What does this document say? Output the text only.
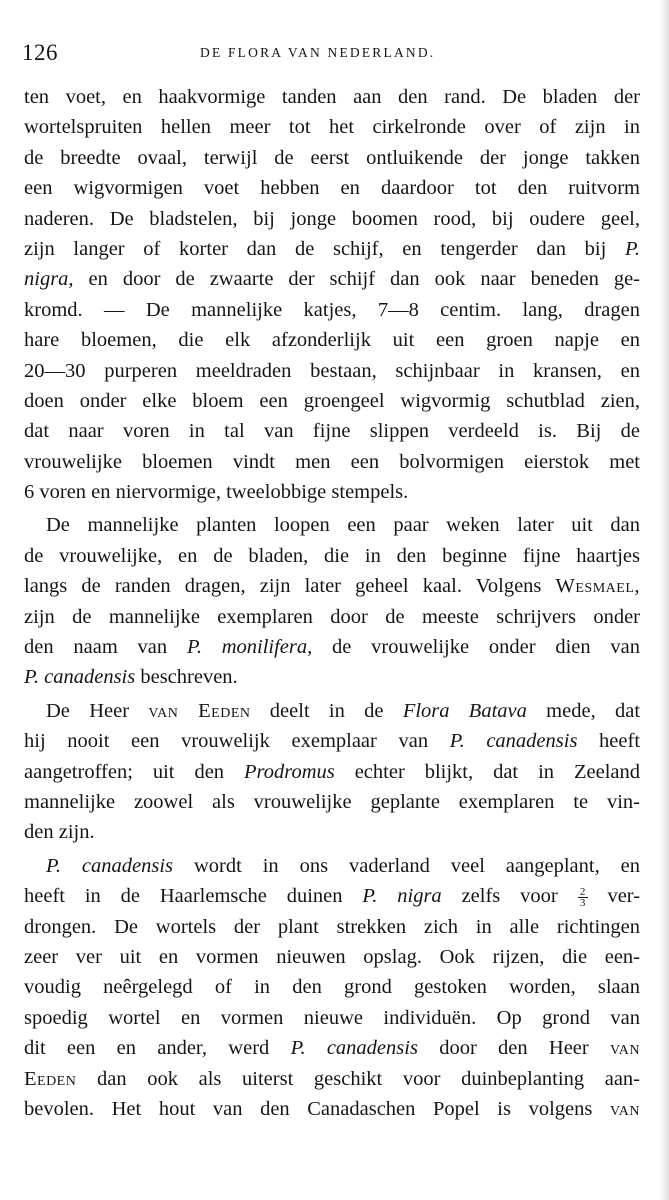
126	DE FLORA VAN NEDERLAND.
ten voet, en haakvormige tanden aan den rand. De bladen der
wortelspruiten hellen meer tot het cirkelronde over of zijn in
de breedte ovaal, terwijl de eerst ontluikende der jonge takken
een wigvormigen voet hebben en daardoor tot den ruitvorm
naderen. De bladstelen, bij jonge boomen rood, bij oudere geel,
zijn langer of korter dan de schijf, en tengerder dan bij P.
nigra, en door de zwaarte der schijf dan ook naar beneden ge-
kromd. — De mannelijke katjes, 7—8 centim. lang, dragen
hare bloemen, die elk afzonderlijk uit een groen napje en
20—30 purperen meeldraden bestaan, schijnbaar in kransen, en
doen onder elke bloem een groengeel wigvormig schutblad zien,
dat naar voren in tal van fijne slippen verdeeld is. Bij de
vrouwelijke bloemen vindt men een bolvormigen eierstok met
6 voren en niervormige, tweelobbige stempels.
De mannelijke planten loopen een paar weken later uit dan
de vrouwelijke, en de bladen, die in den beginne fijne haartjes
langs de randen dragen, zijn later geheel kaal. Volgens Wesmael,
zijn de mannelijke exemplaren door de meeste schrijvers onder
den naam van P. monilifera, de vrouwelijke onder dien van
P. canadensis beschreven.
De Heer van Eeden deelt in de Flora Batava mede, dat
hij nooit een vrouwelijk exemplaar van P. canadensis heeft
aangetroffen; uit den Prodromus echter blijkt, dat in Zeeland
mannelijke zoowel als vrouwelijke geplante exemplaren te vin-
den zijn.
P. canadensis wordt in ons vaderland veel aangeplant, en
heeft in de Haarlemsche duinen P. nigra zelfs voor $\frac{2}{3} ver-$
drongen. De wortels der plant strekken zich in alle richtingen
zeer ver uit en vormen nieuwen opslag. Ook rijzen, die een-
voudig neêrgelegd of in den grond gestoken worden, slaan
spoedig wortel en vormen nieuwe individuën. Op grond van
dit een en ander, werd P. canadensis door den Heer van
Eeden dan ook als uiterst geschikt voor duinbeplanting aan-
bevolen. Het hout van den Canadaschen Popel is volgens van
